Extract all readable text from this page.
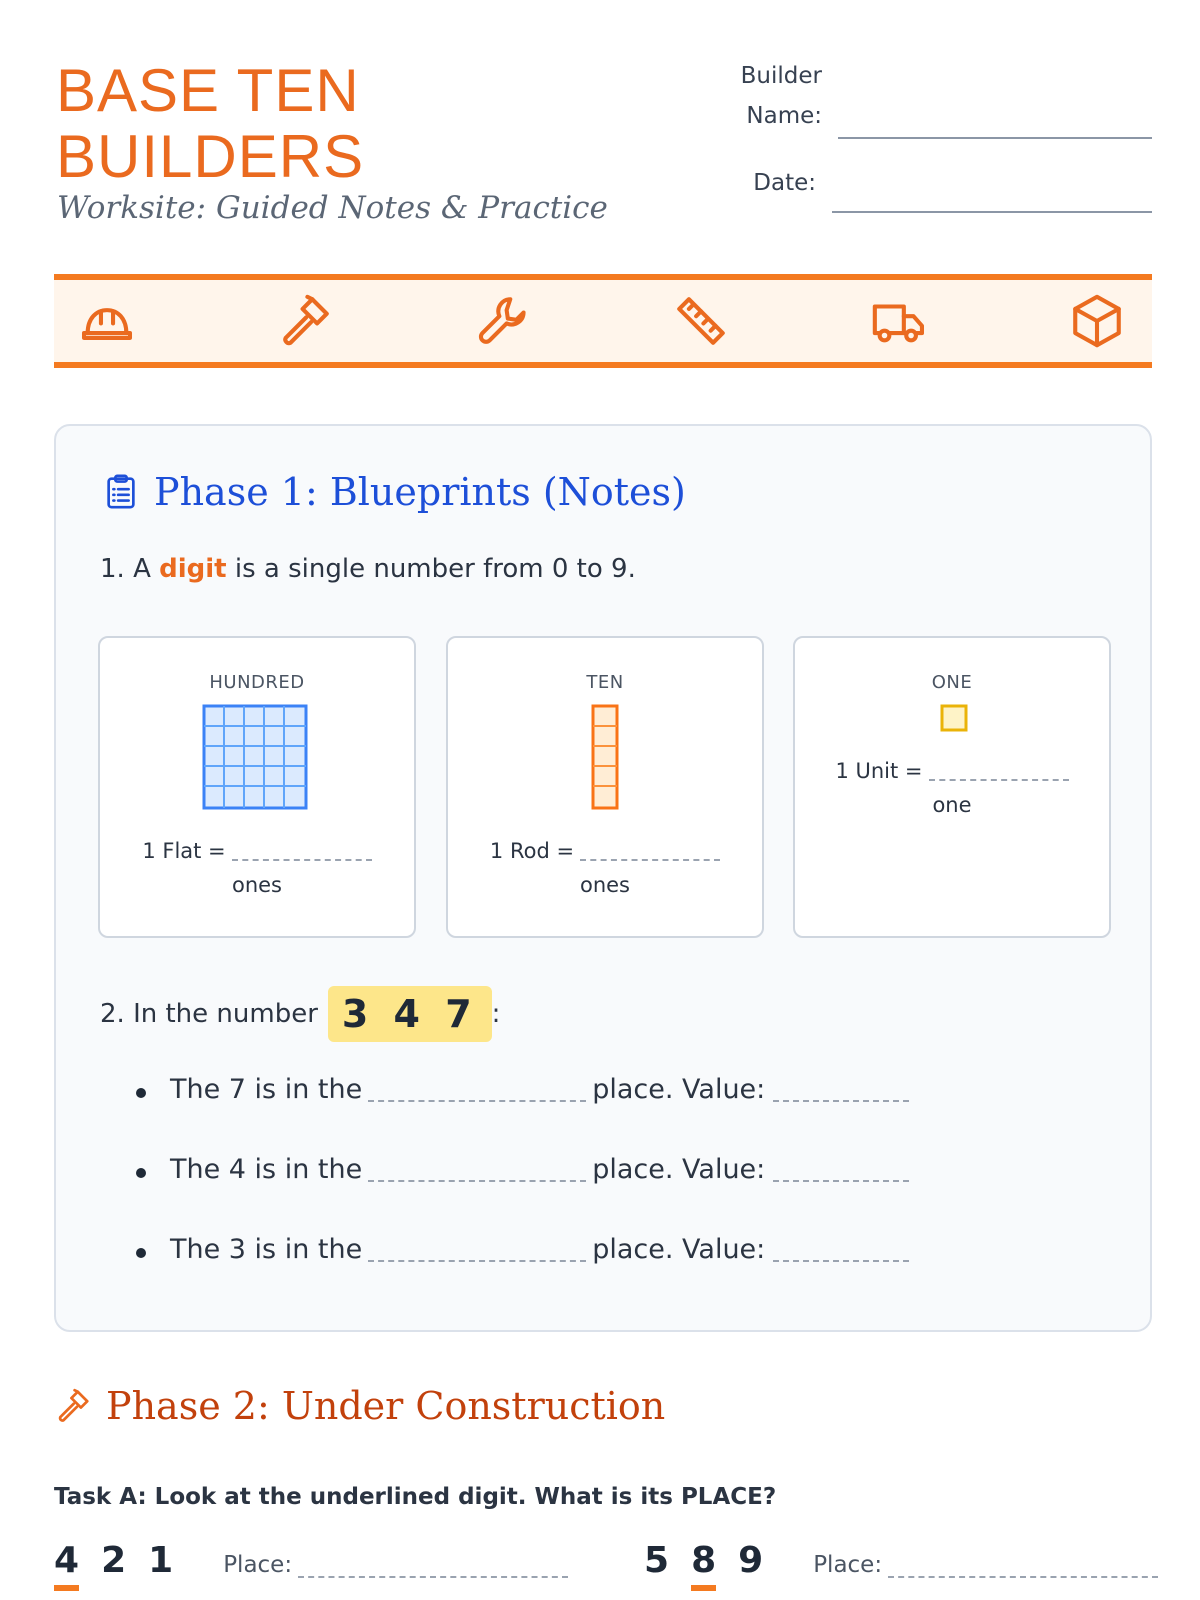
BASE TEN
BUILDERS
Worksite: Guided Notes & Practice
Builder Name:
Date:
Phase 1: Blueprints (Notes)
1. A digit is a single number from 0 to 9.
HUNDRED
1 Flat =
ones
TEN
1 Rod =
ones
ONE
1 Unit =
one
2. In the number 3 4 7 :
The 7 is in the	place. Value:
The 4 is in the	place. Value:
The 3 is in the	place. Value:
Phase 2: Under Construction
Task A: Look at the underlined digit. What is its PLACE?
4 2 1 Place:	5 8 9 Place:
